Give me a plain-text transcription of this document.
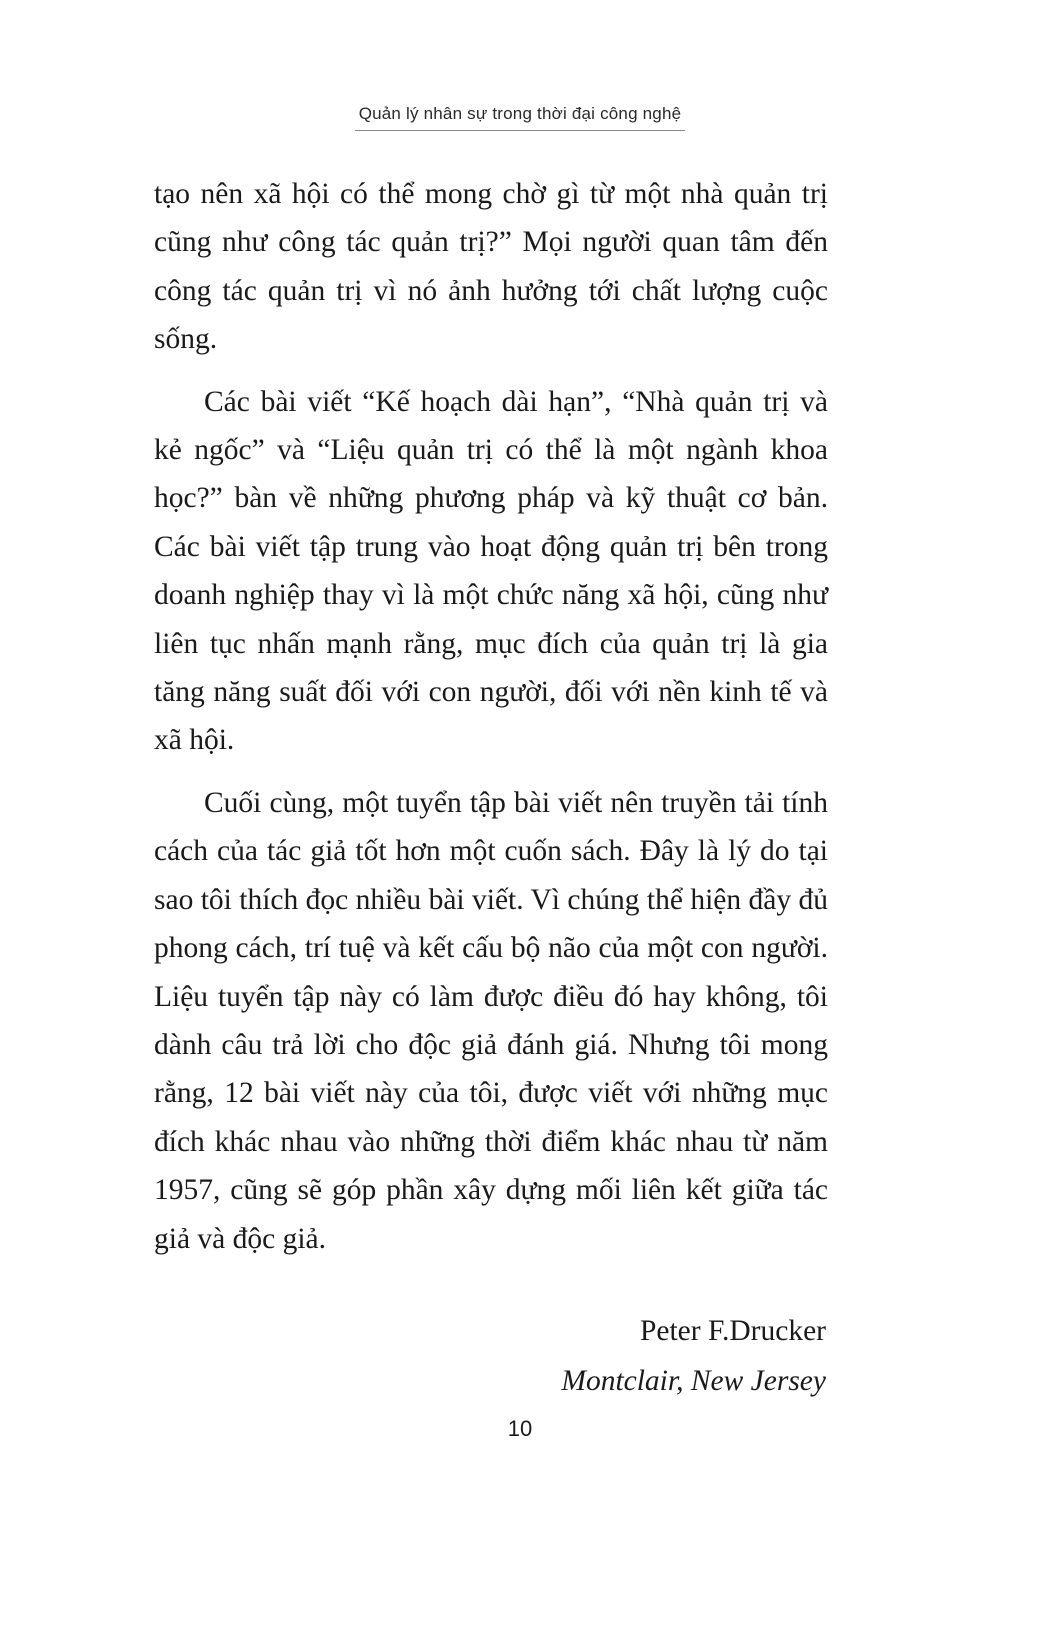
Quản lý nhân sự trong thời đại công nghệ

tạo nên xã hội có thể mong chờ gì từ một nhà quản trị cũng như công tác quản trị?” Mọi người quan tâm đến công tác quản trị vì nó ảnh hưởng tới chất lượng cuộc sống.

Các bài viết “Kế hoạch dài hạn”, “Nhà quản trị và kẻ ngốc” và “Liệu quản trị có thể là một ngành khoa học?” bàn về những phương pháp và kỹ thuật cơ bản. Các bài viết tập trung vào hoạt động quản trị bên trong doanh nghiệp thay vì là một chức năng xã hội, cũng như liên tục nhấn mạnh rằng, mục đích của quản trị là gia tăng năng suất đối với con người, đối với nền kinh tế và xã hội.

Cuối cùng, một tuyển tập bài viết nên truyền tải tính cách của tác giả tốt hơn một cuốn sách. Đây là lý do tại sao tôi thích đọc nhiều bài viết. Vì chúng thể hiện đầy đủ phong cách, trí tuệ và kết cấu bộ não của một con người. Liệu tuyển tập này có làm được điều đó hay không, tôi dành câu trả lời cho độc giả đánh giá. Nhưng tôi mong rằng, 12 bài viết này của tôi, được viết với những mục đích khác nhau vào những thời điểm khác nhau từ năm 1957, cũng sẽ góp phần xây dựng mối liên kết giữa tác giả và độc giả.

Peter F.Drucker
Montclair, New Jersey
10
